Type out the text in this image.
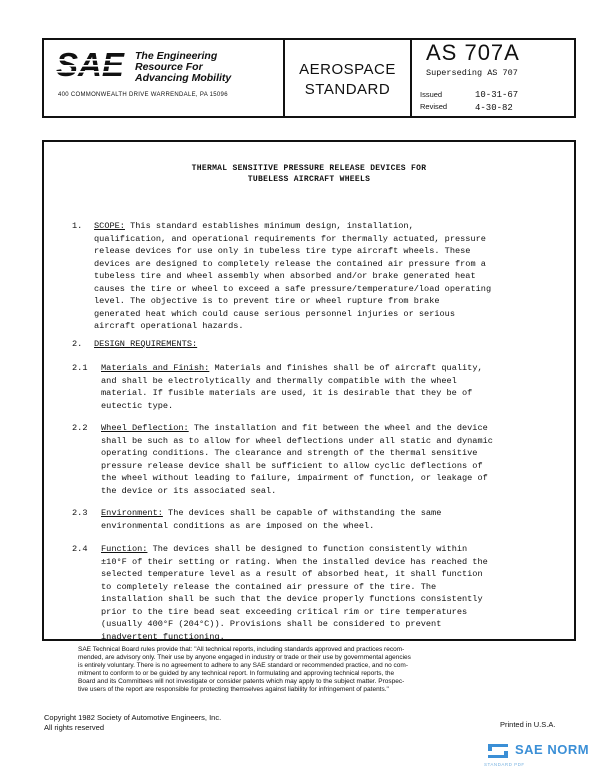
The Engineering
Resource For
Advancing Mobility
400 COMMONWEALTH DRIVE WARRENDALE, PA 15096
AEROSPACE
STANDARD
AS 707A
Superseding AS 707
Issued	10-31-67
Revised	4-30-82
THERMAL SENSITIVE PRESSURE RELEASE DEVICES FOR
TUBELESS AIRCRAFT WHEELS
1. SCOPE: This standard establishes minimum design, installation,
qualification, and operational requirements for thermally actuated, pressure
release devices for use only in tubeless tire type aircraft wheels. These
devices are designed to completely release the contained air pressure from a
tubeless tire and wheel assembly when absorbed and/or brake generated heat
causes the tire or wheel to exceed a safe pressure/temperature/load operating
level. The objective is to prevent tire or wheel rupture from brake
generated heat which could cause serious personnel injuries or serious
aircraft operational hazards.
2. DESIGN REQUIREMENTS:
2.1 Materials and Finish: Materials and finishes shall be of aircraft quality,
and shall be electrolytically and thermally compatible with the wheel
material. If fusible materials are used, it is desirable that they be of
eutectic type.
2.2 Wheel Deflection: The installation and fit between the wheel and the device
shall be such as to allow for wheel deflections under all static and dynamic
operating conditions. The clearance and strength of the thermal sensitive
pressure release device shall be sufficient to allow cyclic deflections of
the wheel without leading to failure, impairment of function, or leakage of
the device or its associated seal.
2.3 Environment: The devices shall be capable of withstanding the same
environmental conditions as are imposed on the wheel.
2.4 Function: The devices shall be designed to function consistently within
±10°F of their setting or rating. When the installed device has reached the
selected temperature level as a result of absorbed heat, it shall function
to completely release the contained air pressure of the tire. The
installation shall be such that the device properly functions consistently
prior to the tire bead seat exceeding critical rim or tire temperatures
(usually 400°F (204°C)). Provisions shall be considered to prevent
inadvertent functioning.
SAE Technical Board rules provide that: "All technical reports, including standards approved and practices recom-
mended, are advisory only. Their use by anyone engaged in industry or trade or their use by governmental agencies
is entirely voluntary. There is no agreement to adhere to any SAE standard or recommended practice, and no com-
mitment to conform to or be guided by any technical report. In formulating and approving technical reports, the
Board and its Committees will not investigate or consider patents which may apply to the subject matter. Prospec-
tive users of the report are responsible for protecting themselves against liability for infringement of patents."
Copyright 1982 Society of Automotive Engineers, Inc.
All rights reserved	Printed in U.S.A.
SAE NORM
STANDARD PDF
